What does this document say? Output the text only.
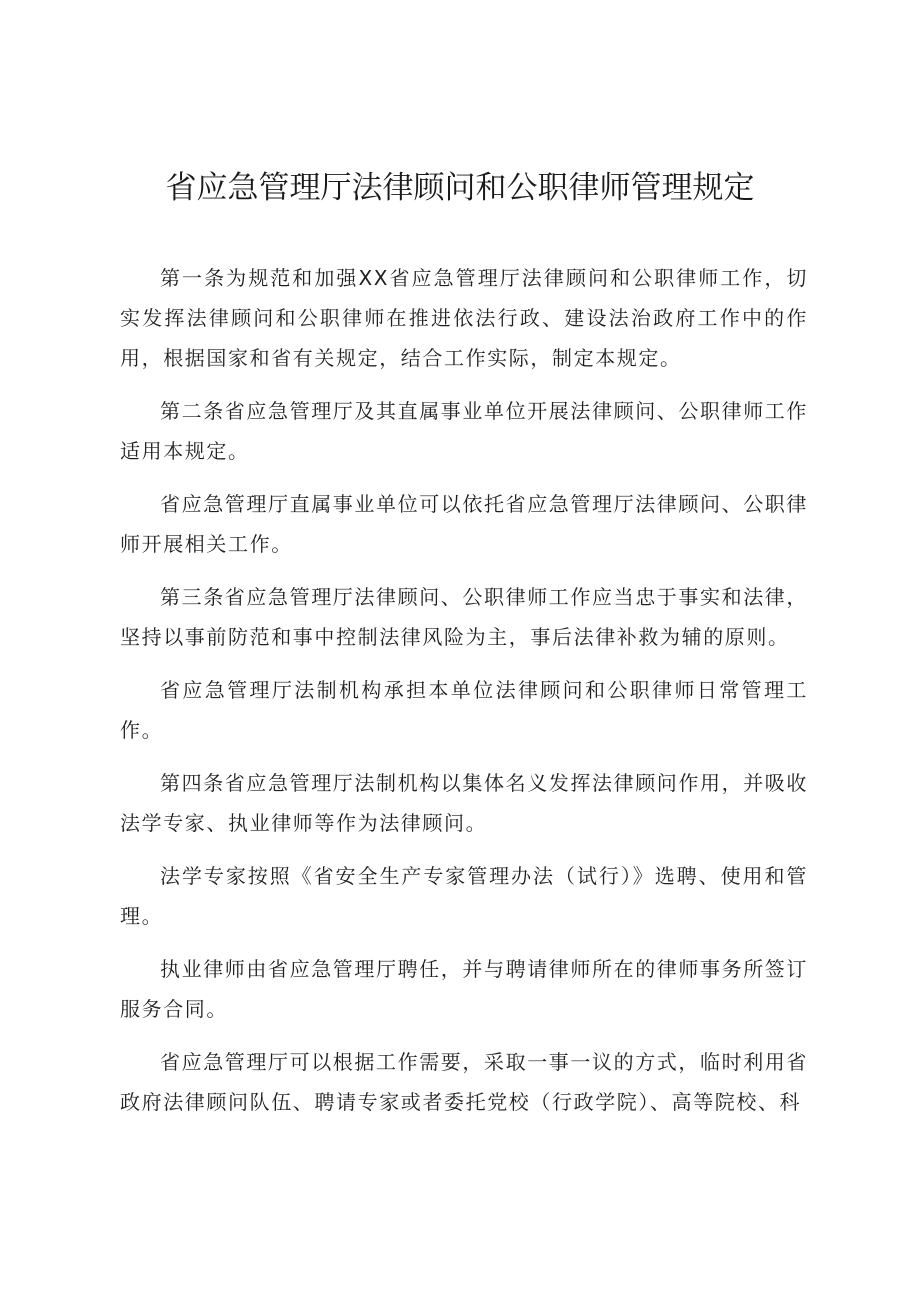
省应急管理厅法律顾问和公职律师管理规定

第一条为规范和加强XX省应急管理厅法律顾问和公职律师工作，切实发挥法律顾问和公职律师在推进依法行政、建设法治政府工作中的作用，根据国家和省有关规定，结合工作实际，制定本规定。

第二条省应急管理厅及其直属事业单位开展法律顾问、公职律师工作适用本规定。

省应急管理厅直属事业单位可以依托省应急管理厅法律顾问、公职律师开展相关工作。

第三条省应急管理厅法律顾问、公职律师工作应当忠于事实和法律，坚持以事前防范和事中控制法律风险为主，事后法律补救为辅的原则。

省应急管理厅法制机构承担本单位法律顾问和公职律师日常管理工作。

第四条省应急管理厅法制机构以集体名义发挥法律顾问作用，并吸收法学专家、执业律师等作为法律顾问。

法学专家按照《省安全生产专家管理办法（试行）》选聘、使用和管理。

执业律师由省应急管理厅聘任，并与聘请律师所在的律师事务所签订服务合同。

省应急管理厅可以根据工作需要，采取一事一议的方式，临时利用省政府法律顾问队伍、聘请专家或者委托党校（行政学院）、高等院校、科
